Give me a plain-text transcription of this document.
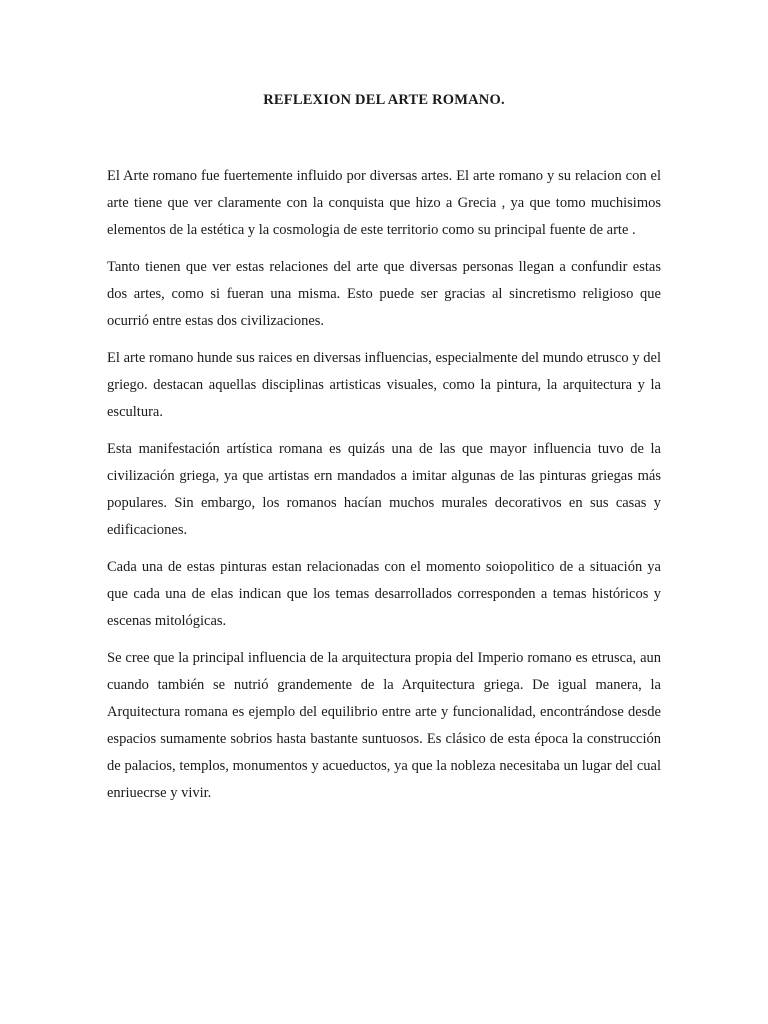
REFLEXION DEL ARTE ROMANO.

El Arte romano fue fuertemente influido por diversas artes. El arte romano y su relacion con el arte tiene que ver claramente con la conquista que hizo a Grecia , ya que tomo muchisimos elementos de la estética y la cosmologia de este territorio como su principal fuente de arte .

Tanto tienen que ver estas relaciones del arte que diversas personas llegan a confundir estas dos artes, como si fueran una misma. Esto puede ser gracias al sincretismo religioso que ocurrió entre estas dos civilizaciones.

El arte romano hunde sus raices en diversas influencias, especialmente del mundo etrusco y del griego. destacan aquellas disciplinas artisticas visuales, como la pintura, la arquitectura y la escultura.

Esta manifestación artística romana es quizás una de las que mayor influencia tuvo de la civilización griega, ya que artistas ern mandados a imitar algunas de las pinturas griegas más populares. Sin embargo, los romanos hacían muchos murales decorativos en sus casas y edificaciones.

Cada una de estas pinturas estan relacionadas con el momento soiopolitico de a situación ya que cada una de elas indican que los temas desarrollados corresponden a temas históricos y escenas mitológicas.

Se cree que la principal influencia de la arquitectura propia del Imperio romano es etrusca, aun cuando también se nutrió grandemente de la Arquitectura griega. De igual manera, la Arquitectura romana es ejemplo del equilibrio entre arte y funcionalidad, encontrándose desde espacios sumamente sobrios hasta bastante suntuosos. Es clásico de esta época la construcción de palacios, templos, monumentos y acueductos, ya que la nobleza necesitaba un lugar del cual enriuecrse y vivir.
